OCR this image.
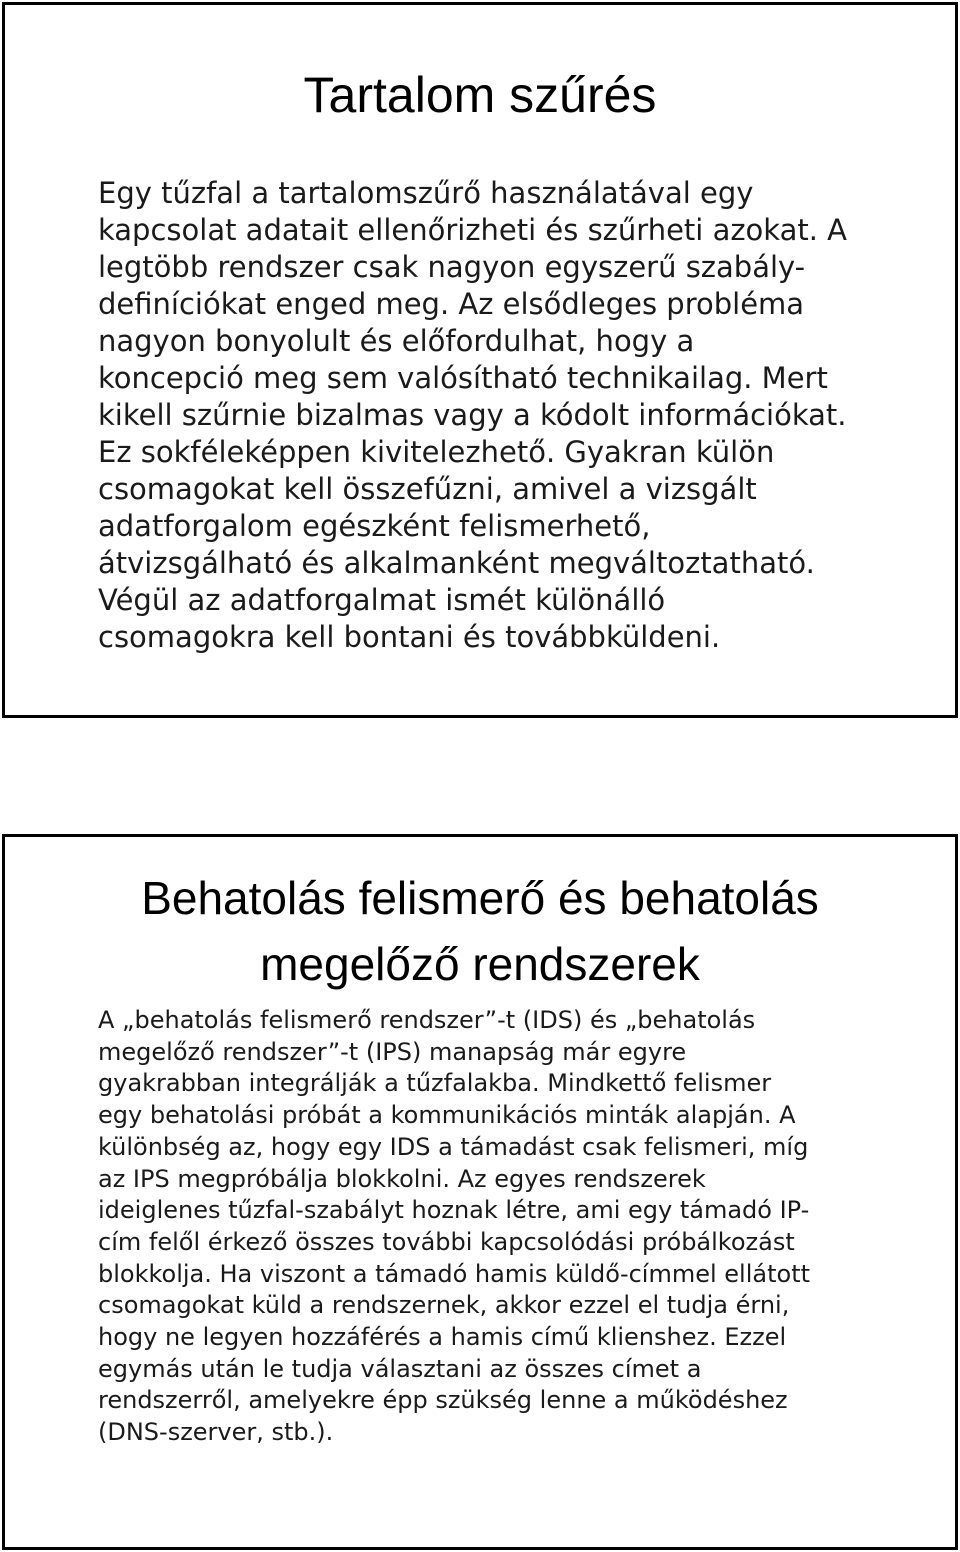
Tartalom szűrés

Egy tűzfal a tartalomszűrő használatával egy
kapcsolat adatait ellenőrizheti és szűrheti azokat. A
legtöbb rendszer csak nagyon egyszerű szabály-
definíciókat enged meg. Az elsődleges probléma
nagyon bonyolult és előfordulhat, hogy a
koncepció meg sem valósítható technikailag. Mert
kikell szűrnie bizalmas vagy a kódolt információkat.
Ez sokféleképpen kivitelezhető. Gyakran külön
csomagokat kell összefűzni, amivel a vizsgált
adatforgalom egészként felismerhető,
átvizsgálható és alkalmanként megváltoztatható.
Végül az adatforgalmat ismét különálló
csomagokra kell bontani és továbbküldeni.

Behatolás felismerő és behatolás
megelőző rendszerek

A „behatolás felismerő rendszer”-t (IDS) és „behatolás
megelőző rendszer”-t (IPS) manapság már egyre
gyakrabban integrálják a tűzfalakba. Mindkettő felismer
egy behatolási próbát a kommunikációs minták alapján. A
különbség az, hogy egy IDS a támadást csak felismeri, míg
az IPS megpróbálja blokkolni. Az egyes rendszerek
ideiglenes tűzfal-szabályt hoznak létre, ami egy támadó IP-
cím felől érkező összes további kapcsolódási próbálkozást
blokkolja. Ha viszont a támadó hamis küldő-címmel ellátott
csomagokat küld a rendszernek, akkor ezzel el tudja érni,
hogy ne legyen hozzáférés a hamis című klienshez. Ezzel
egymás után le tudja választani az összes címet a
rendszerről, amelyekre épp szükség lenne a működéshez
(DNS-szerver, stb.).
